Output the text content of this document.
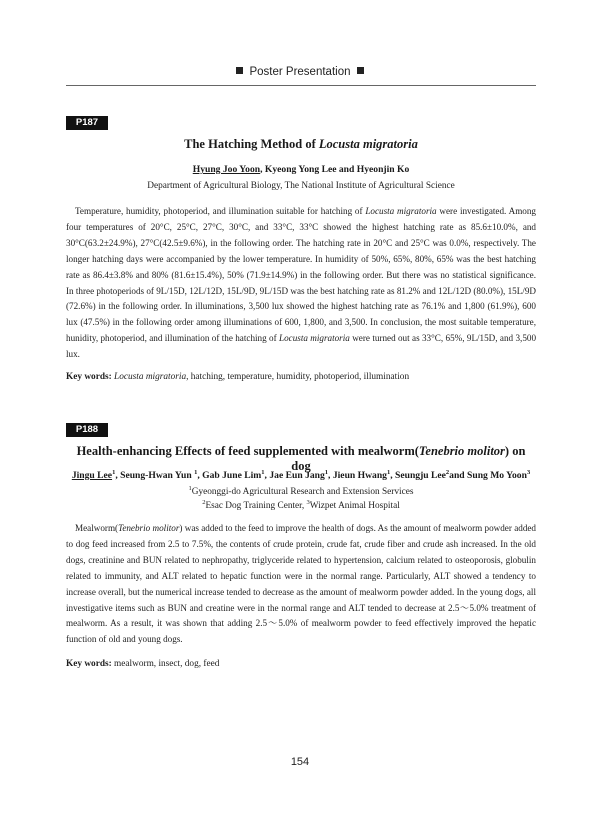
Poster Presentation
P187
The Hatching Method of Locusta migratoria
Hyung Joo Yoon, Kyeong Yong Lee and Hyeonjin Ko
Department of Agricultural Biology, The National Institute of Agricultural Science

Temperature, humidity, photoperiod, and illumination suitable for hatching of Locusta migratoria were investigated. Among four temperatures of 20°C, 25°C, 27°C, 30°C, and 33°C, 33°C showed the highest hatching rate as 85.6±10.0%, and 30°C(63.2±24.9%), 27°C(42.5±9.6%), in the following order. The hatching rate in 20°C and 25°C was 0.0%, respectively. The longer hatching days were accompanied by the lower temperature. In humidity of 50%, 65%, 80%, 65% was the best hatching rate as 86.4±3.8% and 80% (81.6±15.4%), 50% (71.9±14.9%) in the following order. But there was no statistical significance. In three photoperiods of 9L/15D, 12L/12D, 15L/9D, 9L/15D was the best hatching rate as 81.2% and 12L/12D (80.0%), 15L/9D (72.6%) in the following order. In illuminations, 3,500 lux showed the highest hatching rate as 76.1% and 1,800 (61.9%), 600 lux (47.5%) in the following order among illuminations of 600, 1,800, and 3,500. In conclusion, the most suitable temperature, hunidity, photoperiod, and illumination of the hatching of Locusta migratoria were turned out as 33°C, 65%, 9L/15D, and 3,500 lux.

Key words: Locusta migratoria, hatching, temperature, humidity, photoperiod, illumination
P188
Health-enhancing Effects of feed supplemented with mealworm(Tenebrio molitor) on dog
Jingu Lee$^1$, Seung-Hwan Yun $^1$, Gab June Lim$^1$, Jae Eun Jang$^1$, Jieun Hwang$^1$, Seungju Lee$^2$and Sung Mo Yoon$^3$
$^1$Gyeonggi-do Agricultural Research and Extension Services
$^2$Esac Dog Training Center, $^3$Wizpet Animal Hospital

Mealworm(Tenebrio molitor) was added to the feed to improve the health of dogs. As the amount of mealworm powder added to dog feed increased from 2.5 to 7.5%, the contents of crude protein, crude fat, crude fiber and crude ash increased. In the old dogs, creatinine and BUN related to nephropathy, triglyceride related to hypertension, calcium related to osteoporosis, globulin related to immunity, and ALT related to hepatic function were in the normal range. Particularly, ALT showed a tendency to increase overall, but the numerical increase tended to decrease as the amount of mealworm powder added. In the young dogs, all investigative items such as BUN and creatine were in the normal range and ALT tended to decrease at 2.5～5.0% treatment of mealworm. As a result, it was shown that adding 2.5～5.0% of mealworm powder to feed effectively improved the hepatic function of old and young dogs.

Key words: mealworm, insect, dog, feed
154
